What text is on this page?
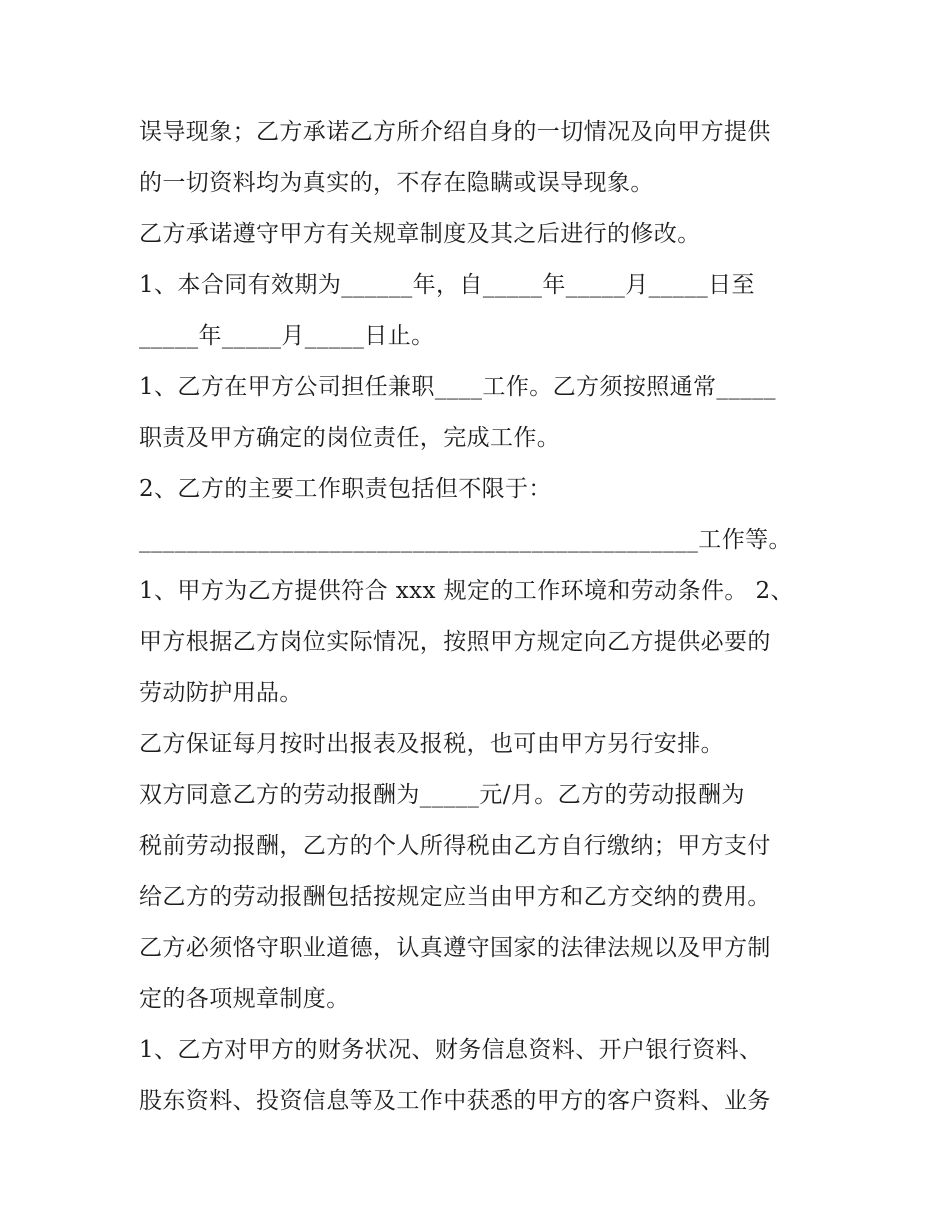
误导现象；乙方承诺乙方所介绍自身的一切情况及向甲方提供
的一切资料均为真实的，不存在隐瞒或误导现象。
乙方承诺遵守甲方有关规章制度及其之后进行的修改。
1、本合同有效期为______年，自_____年_____月_____日至
_____年_____月_____日止。
1、乙方在甲方公司担任兼职____工作。乙方须按照通常_____
职责及甲方确定的岗位责任，完成工作。
2、乙方的主要工作职责包括但不限于：
_______________________________________________工作等。
1、甲方为乙方提供符合 xxx 规定的工作环境和劳动条件。 2、
甲方根据乙方岗位实际情况，按照甲方规定向乙方提供必要的
劳动防护用品。
乙方保证每月按时出报表及报税，也可由甲方另行安排。
双方同意乙方的劳动报酬为_____元/月。乙方的劳动报酬为
税前劳动报酬，乙方的个人所得税由乙方自行缴纳；甲方支付
给乙方的劳动报酬包括按规定应当由甲方和乙方交纳的费用。
乙方必须恪守职业道德，认真遵守国家的法律法规以及甲方制
定的各项规章制度。
1、乙方对甲方的财务状况、财务信息资料、开户银行资料、
股东资料、投资信息等及工作中获悉的甲方的客户资料、业务
